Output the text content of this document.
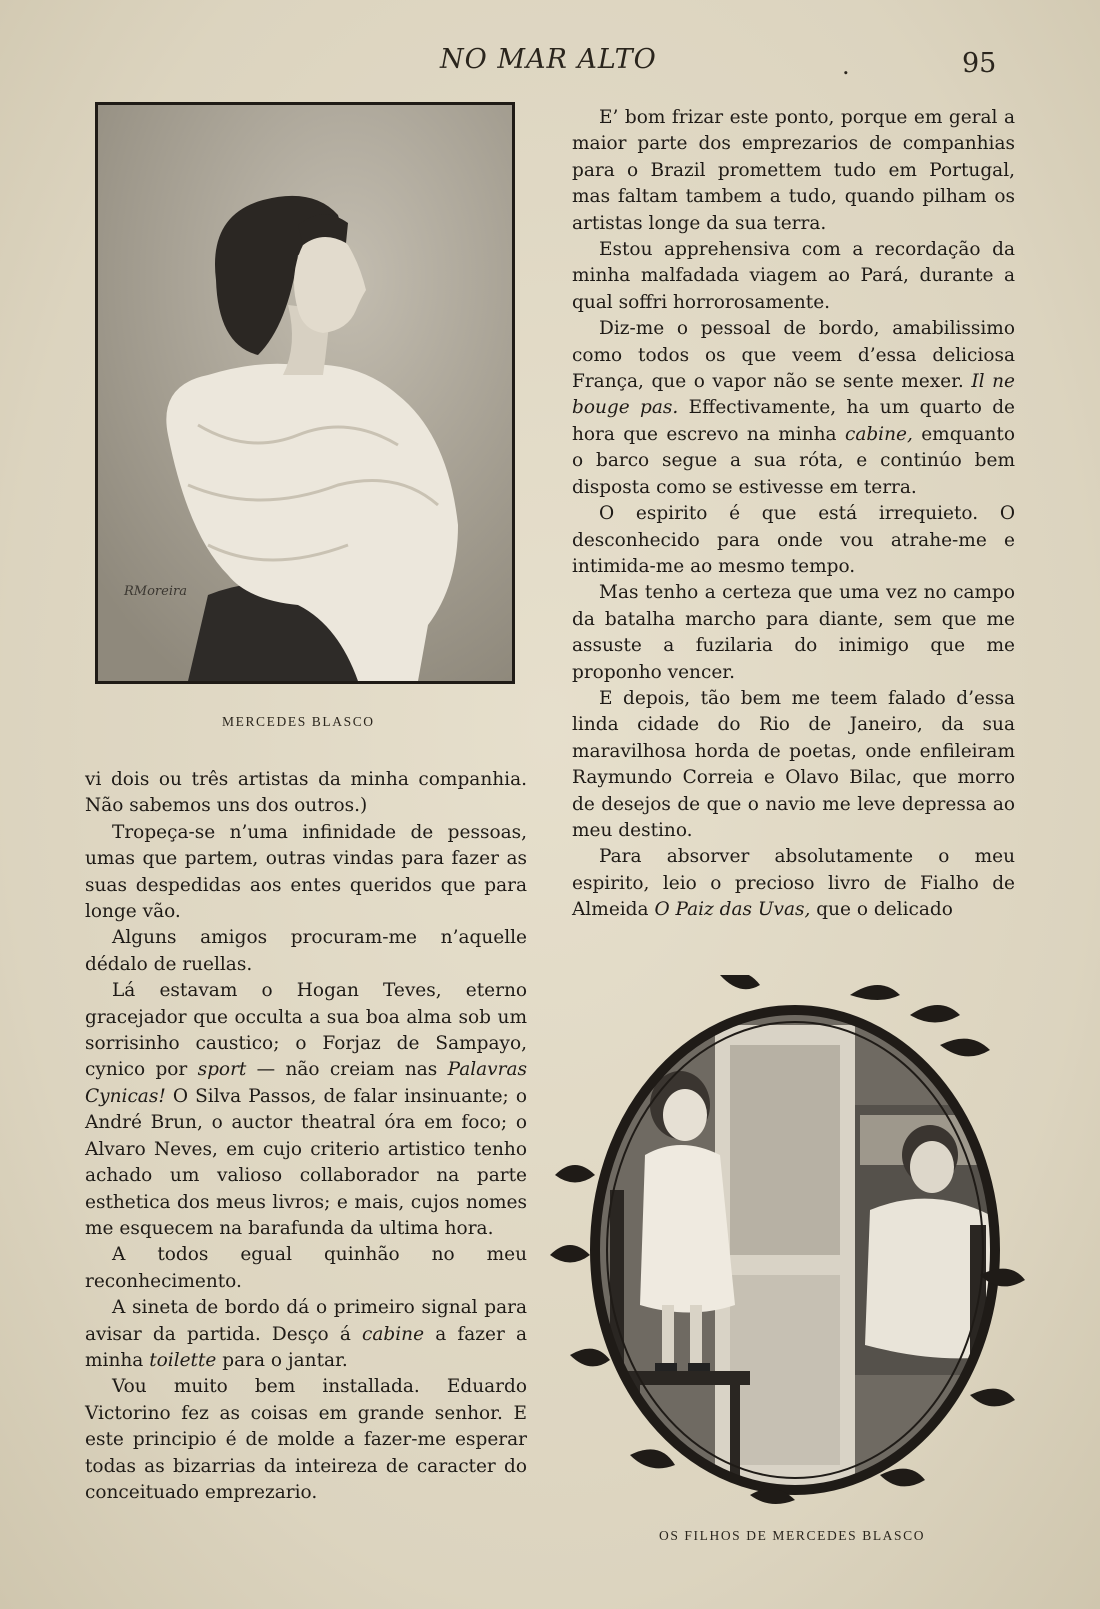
NO MAR ALTO	.	95
RMoreira
MERCEDES BLASCO

E’ bom frizar este ponto, porque em geral a maior parte dos emprezarios de companhias para o Brazil promettem tudo em Portugal, mas faltam tambem a tudo, quando pilham os artistas longe da sua terra.

Estou apprehensiva com a recordação da minha malfadada viagem ao Pará, durante a qual soffri horrorosamente.

Diz-me o pessoal de bordo, amabilissimo como todos os que veem d’essa deliciosa França, que o vapor não se sente mexer. Il ne bouge pas. Effectivamente, ha um quarto de hora que escrevo na minha cabine, emquanto o barco segue a sua róta, e continúo bem disposta como se estivesse em terra.

O espirito é que está irrequieto. O desconhecido para onde vou atrahe-me e intimida-me ao mesmo tempo.

Mas tenho a certeza que uma vez no campo da batalha marcho para diante, sem que me assuste a fuzilaria do inimigo que me proponho vencer.

E depois, tão bem me teem falado d’essa linda cidade do Rio de Janeiro, da sua maravilhosa horda de poetas, onde enfileiram Raymundo Correia e Olavo Bilac, que morro de desejos de que o navio me leve depressa ao meu destino.

Para absorver absolutamente o meu espirito, leio o precioso livro de Fialho de Almeida O Paiz das Uvas, que o delicado

vi dois ou três artistas da minha companhia. Não sabemos uns dos outros.)

Tropeça-se n’uma infinidade de pessoas, umas que partem, outras vindas para fazer as suas despedidas aos entes queridos que para longe vão.

Alguns amigos procuram-me n’aquelle dédalo de ruellas.

Lá estavam o Hogan Teves, eterno gracejador que occulta a sua boa alma sob um sorrisinho caustico; o Forjaz de Sampayo, cynico por sport — não creiam nas Palavras Cynicas! O Silva Passos, de falar insinuante; o André Brun, o auctor theatral óra em foco; o Alvaro Neves, em cujo criterio artistico tenho achado um valioso collaborador na parte esthetica dos meus livros; e mais, cujos nomes me esquecem na barafunda da ultima hora.

A todos egual quinhão no meu reconhecimento.

A sineta de bordo dá o primeiro signal para avisar da partida. Desço á cabine a fazer a minha toilette para o jantar.

Vou muito bem installada. Eduardo Victorino fez as coisas em grande senhor. E este principio é de molde a fazer-me esperar todas as bizarrias da inteireza de caracter do conceituado emprezario.

OS FILHOS DE MERCEDES BLASCO
